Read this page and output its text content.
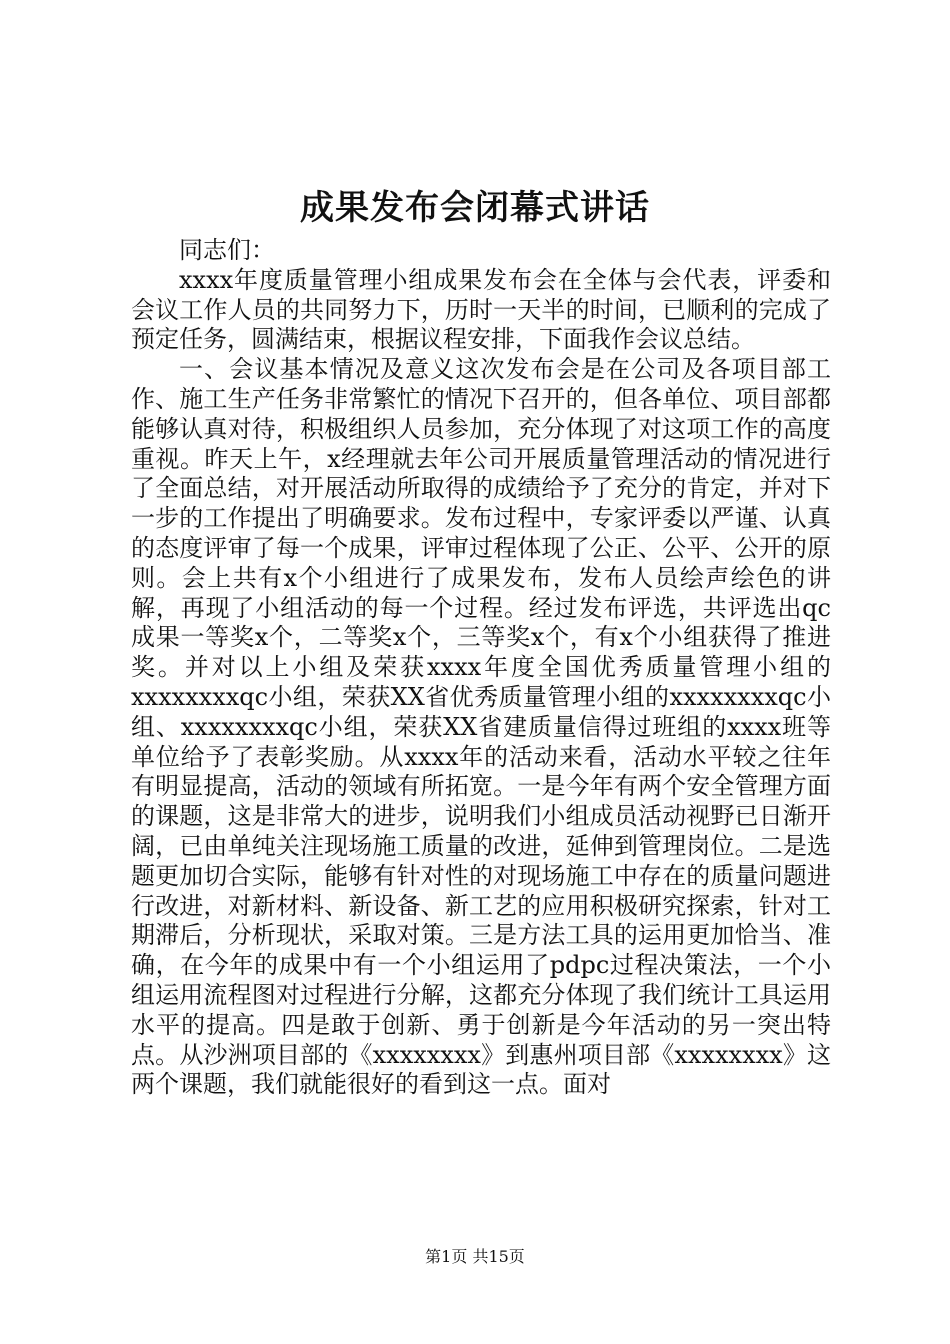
成果发布会闭幕式讲话

同志们：

xxxx年度质量管理小组成果发布会在全体与会代表，评委和会议工作人员的共同努力下，历时一天半的时间，已顺利的完成了预定任务，圆满结束，根据议程安排，下面我作会议总结。

一、会议基本情况及意义这次发布会是在公司及各项目部工作、施工生产任务非常繁忙的情况下召开的，但各单位、项目部都能够认真对待，积极组织人员参加，充分体现了对这项工作的高度重视。昨天上午，x经理就去年公司开展质量管理活动的情况进行了全面总结，对开展活动所取得的成绩给予了充分的肯定，并对下一步的工作提出了明确要求。发布过程中，专家评委以严谨、认真的态度评审了每一个成果，评审过程体现了公正、公平、公开的原则。会上共有x个小组进行了成果发布，发布人员绘声绘色的讲解，再现了小组活动的每一个过程。经过发布评选，共评选出qc成果一等奖x个，二等奖x个，三等奖x个，有x个小组获得了推进奖。并对以上小组及荣获xxxx年度全国优秀质量管理小组的xxxxxxxxqc小组，荣获XX省优秀质量管理小组的xxxxxxxxqc小组、xxxxxxxxqc小组，荣获XX省建质量信得过班组的xxxx班等单位给予了表彰奖励。从xxxx年的活动来看，活动水平较之往年有明显提高，活动的领域有所拓宽。一是今年有两个安全管理方面的课题，这是非常大的进步，说明我们小组成员活动视野已日渐开阔，已由单纯关注现场施工质量的改进，延伸到管理岗位。二是选题更加切合实际，能够有针对性的对现场施工中存在的质量问题进行改进，对新材料、新设备、新工艺的应用积极研究探索，针对工期滞后，分析现状，采取对策。三是方法工具的运用更加恰当、准确，在今年的成果中有一个小组运用了pdpc过程决策法，一个小组运用流程图对过程进行分解，这都充分体现了我们统计工具运用水平的提高。四是敢于创新、勇于创新是今年活动的另一突出特点。从沙洲项目部的《xxxxxxxx》到惠州项目部《xxxxxxxx》这两个课题，我们就能很好的看到这一点。面对

第1页 共15页
